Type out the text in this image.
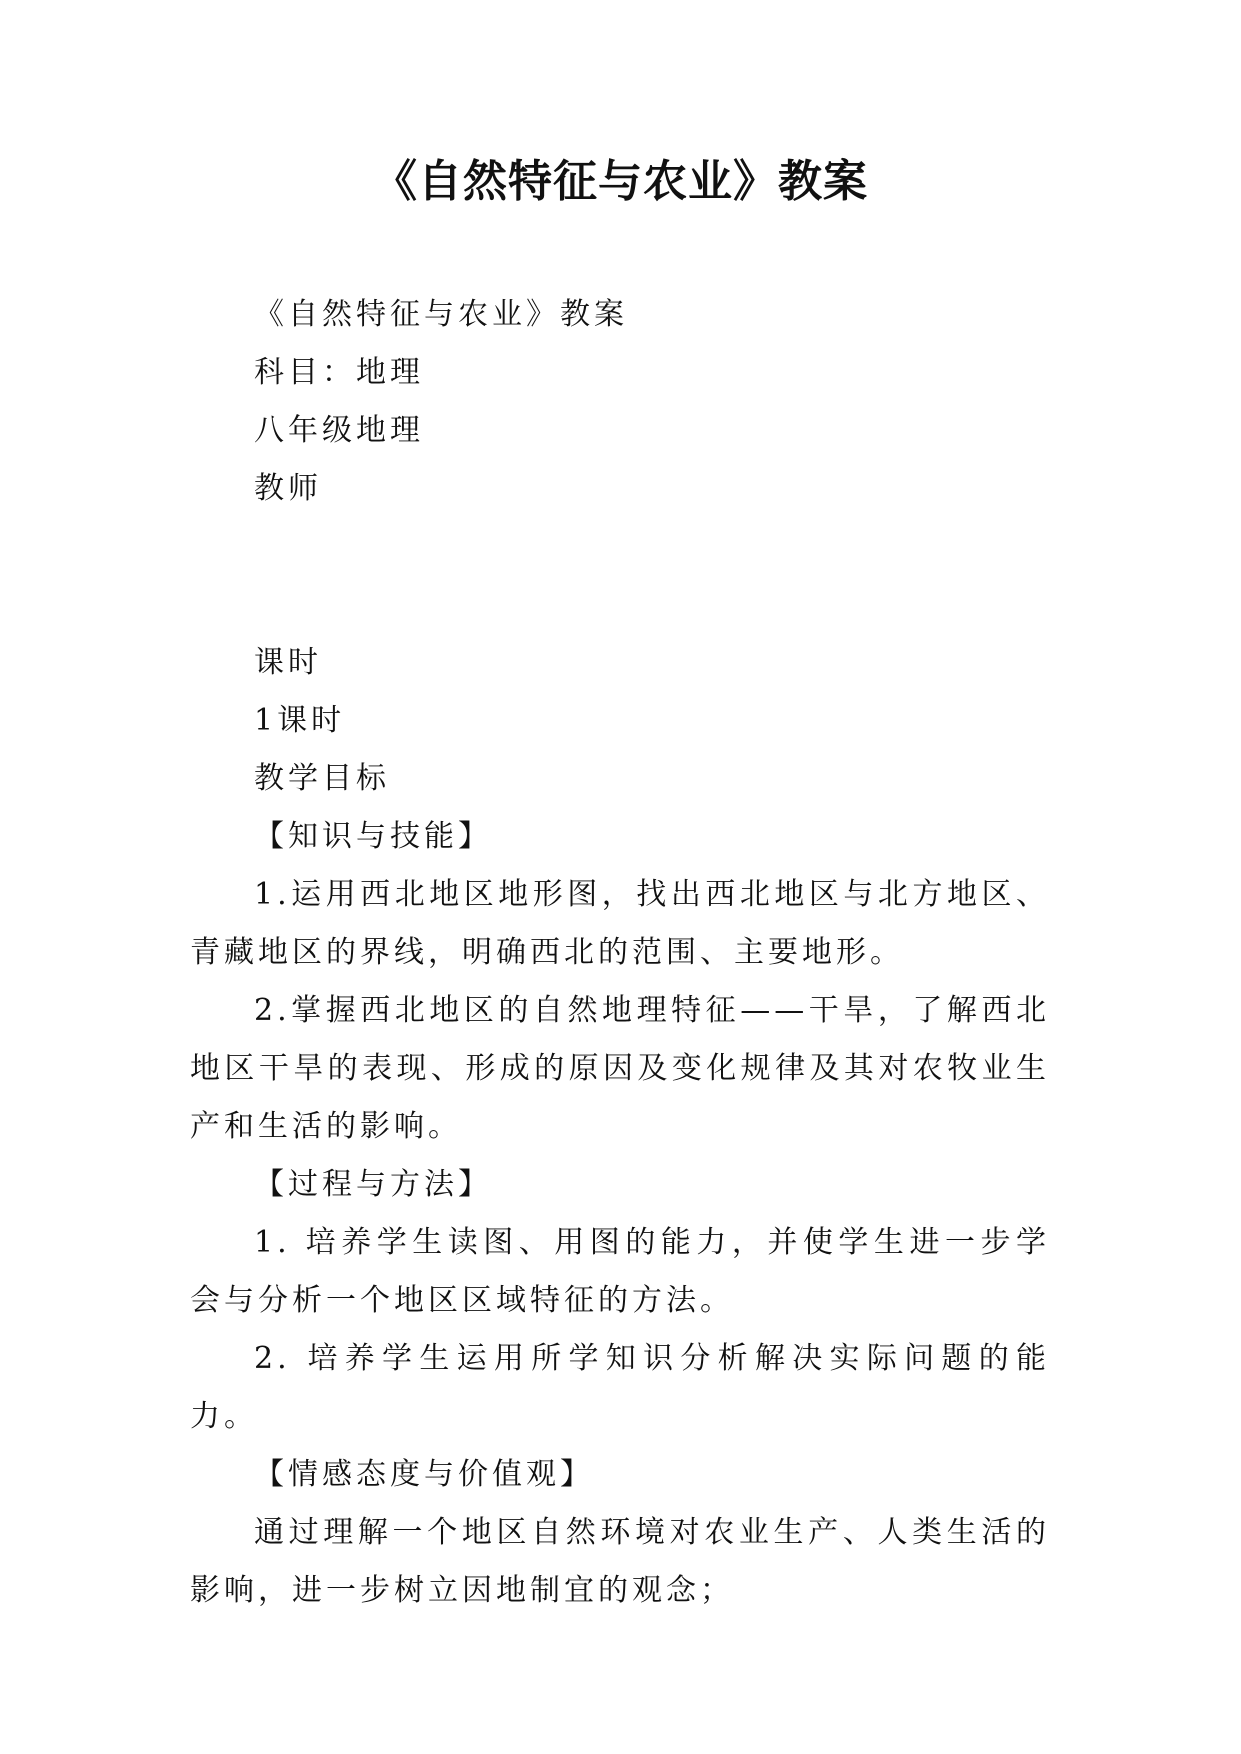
《自然特征与农业》教案

《自然特征与农业》教案

科目：地理

八年级地理

教师

课时

1课时

教学目标

【知识与技能】

1.运用西北地区地形图，找出西北地区与北方地区、青藏地区的界线，明确西北的范围、主要地形。

2.掌握西北地区的自然地理特征——干旱，了解西北地区干旱的表现、形成的原因及变化规律及其对农牧业生产和生活的影响。

【过程与方法】

1. 培养学生读图、用图的能力，并使学生进一步学会与分析一个地区区域特征的方法。

2. 培养学生运用所学知识分析解决实际问题的能力。

【情感态度与价值观】

通过理解一个地区自然环境对农业生产、人类生活的影响，进一步树立因地制宜的观念；
